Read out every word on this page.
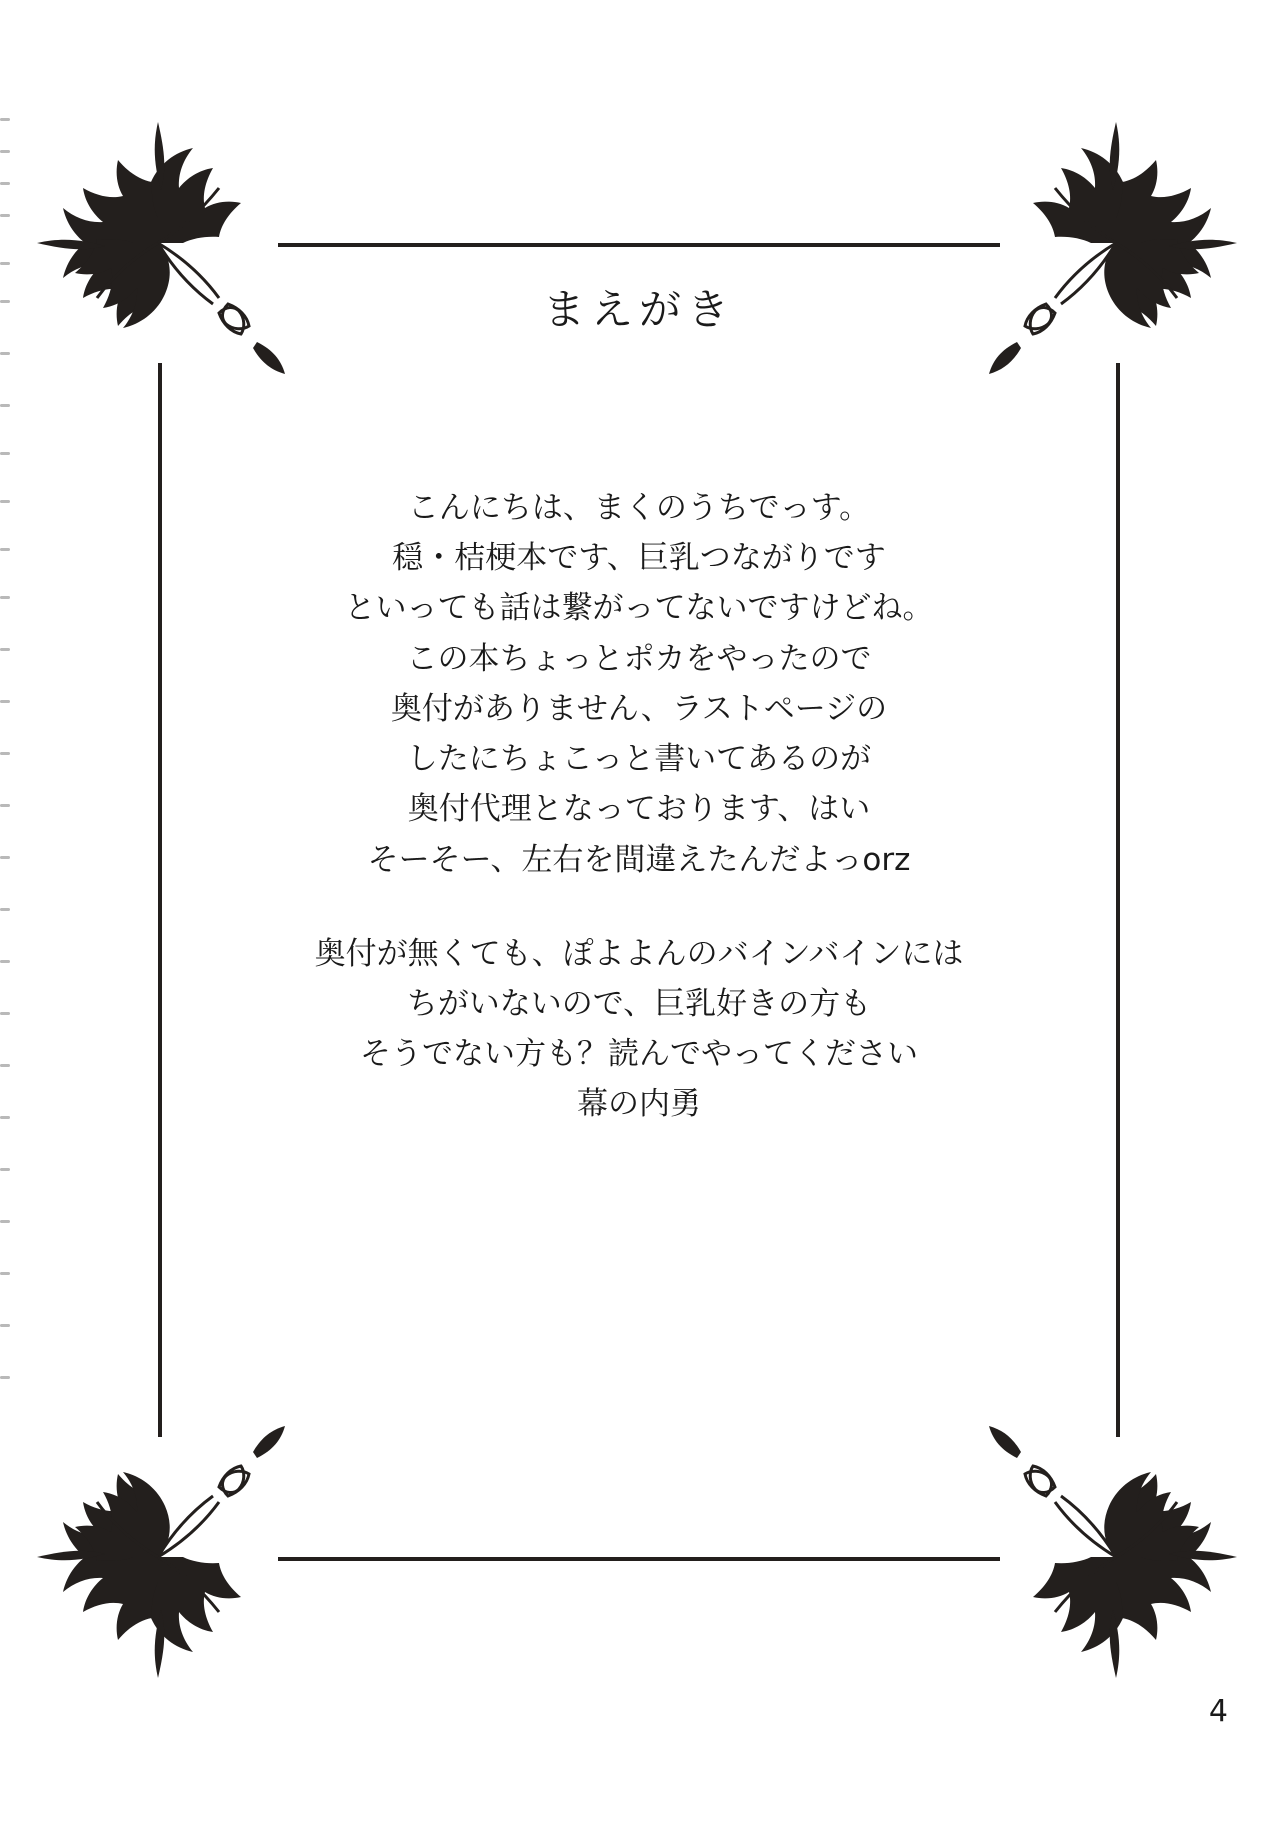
まえがき

こんにちは、まくのうちでっす。

穏・桔梗本です、巨乳つながりです

といっても話は繋がってないですけどね。

この本ちょっとポカをやったので

奥付がありません、ラストページの

したにちょこっと書いてあるのが

奥付代理となっております、はい

そーそー、左右を間違えたんだよっorz

奥付が無くても、ぽよよんのバインバインには

ちがいないので、巨乳好きの方も

そうでない方も？読んでやってください

幕の内勇

4
